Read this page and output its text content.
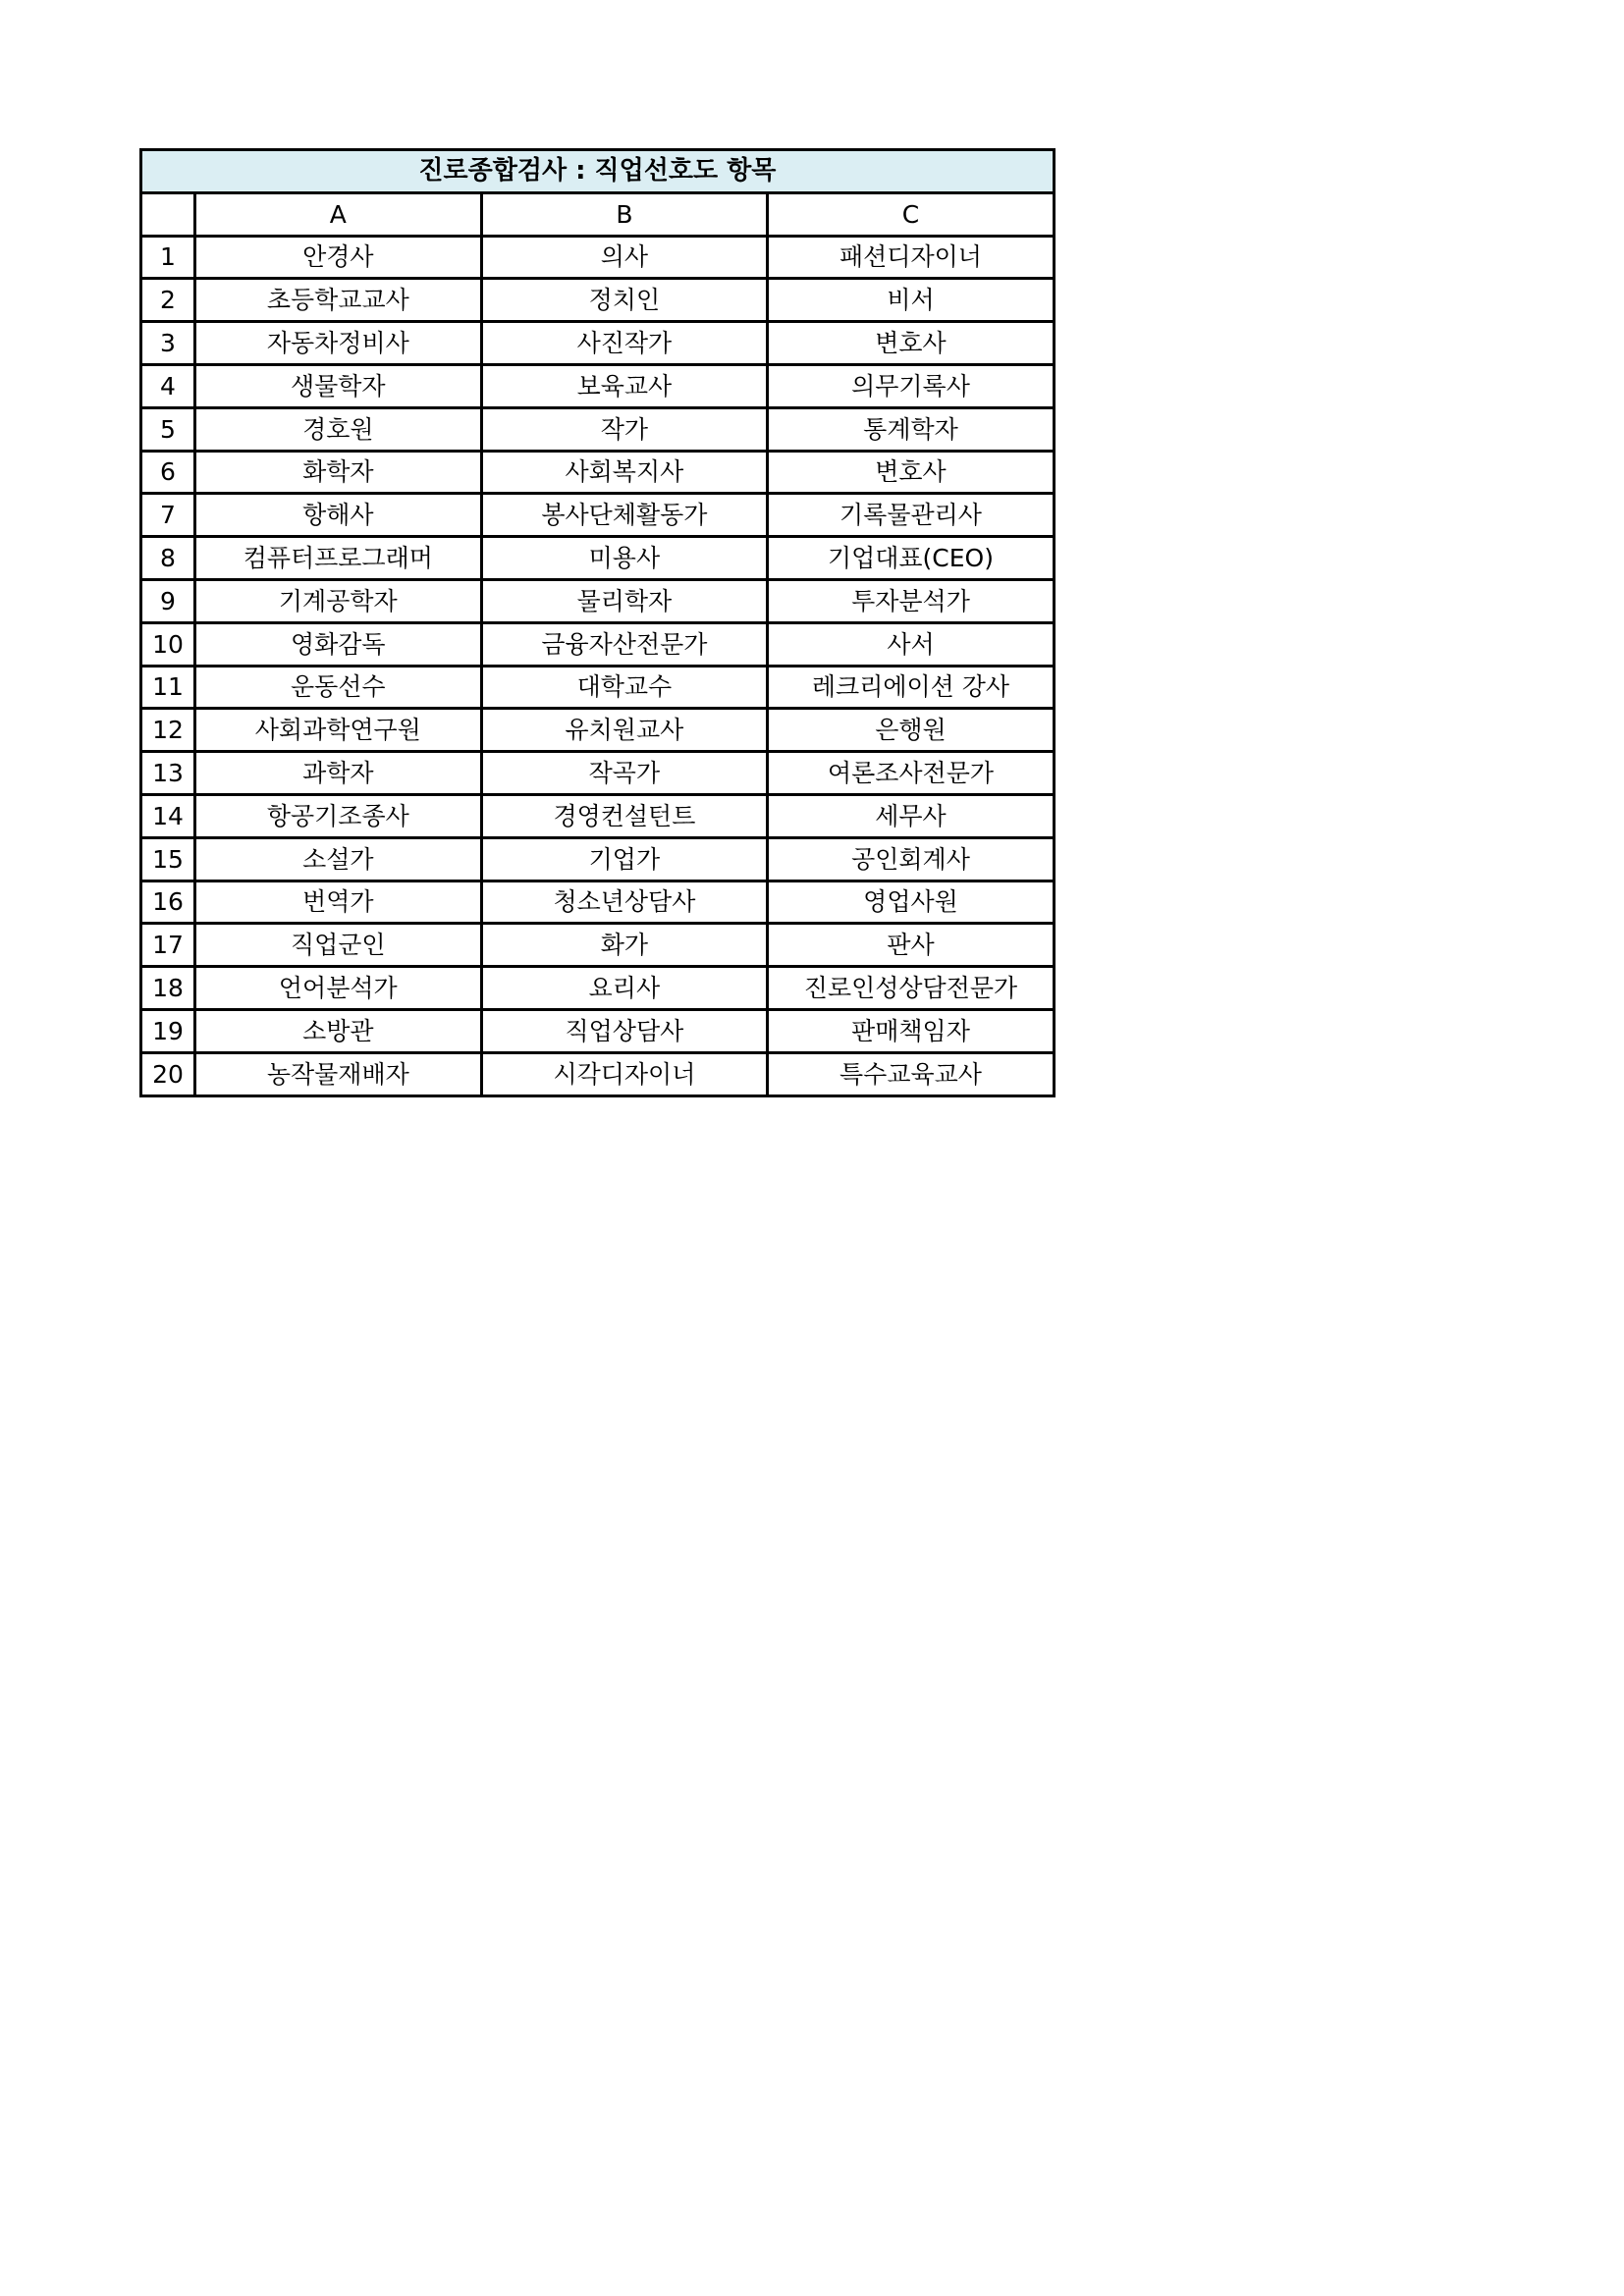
진로종합검사 : 직업선호도 항목			
	A	B	C
1	안경사	의사	패션디자이너
2	초등학교교사	정치인	비서
3	자동차정비사	사진작가	변호사
4	생물학자	보육교사	의무기록사
5	경호원	작가	통계학자
6	화학자	사회복지사	변호사
7	항해사	봉사단체활동가	기록물관리사
8	컴퓨터프로그래머	미용사	기업대표(CEO)
9	기계공학자	물리학자	투자분석가
10	영화감독	금융자산전문가	사서
11	운동선수	대학교수	레크리에이션 강사
12	사회과학연구원	유치원교사	은행원
13	과학자	작곡가	여론조사전문가
14	항공기조종사	경영컨설턴트	세무사
15	소설가	기업가	공인회계사
16	번역가	청소년상담사	영업사원
17	직업군인	화가	판사
18	언어분석가	요리사	진로인성상담전문가
19	소방관	직업상담사	판매책임자
20	농작물재배자	시각디자이너	특수교육교사
